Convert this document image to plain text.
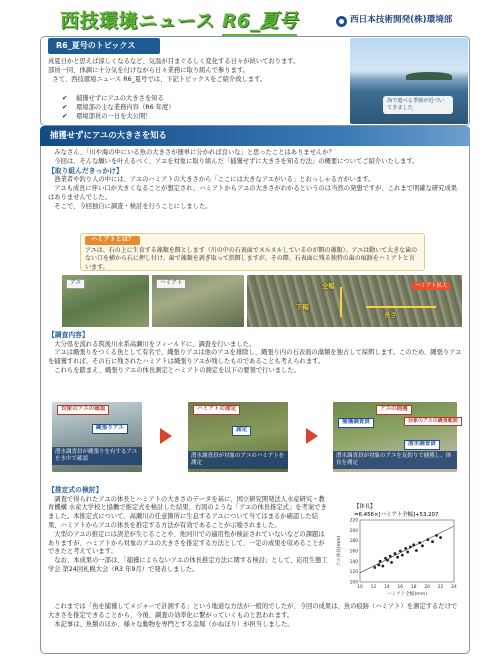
西技環境ニュース R6_夏号	西日本技術開発(株)環境部
R6_夏号のトピックス

真夏日かと思えば涼しくなるなど、気温が目まぐるしく変化する日々が続いております。

部員一同、体調に十分気を付けながら日々業務に取り組んで参ります。

さて、西技環境ニュース R6_夏号では、下記トピックスをご紹介致します。

✔ 捕獲せずにアユの大きさを知る
✔ 環境部の主な業務内容（R6 年度）
✔ 環境部員の一日を大公開！
海で遊べる季節が近づいてきました
捕獲せずにアユの大きさを知る

みなさん、「川や海の中にいる魚の大きさが簡単に分かれば良いな」と思ったことはありませんか？

今回は、そんな願いを叶えるべく、アユを対象に取り組んだ「捕獲せずに大きさを知る方法」の概要についてご紹介いたします。

【取り組んだきっかけ】

漁業者や釣り人の中には、アユのハミアトの大きさから「ここには大きなアユがいる」とおっしゃる方がいます。

アユも成長に伴い口が大きくなることが想定され、ハミアトからアユの大きさがわかるというのは当然の発想ですが、これまで明確な研究成果はありませんでした。

そこで、今回独自に調査・検討を行うことにしました。

ハミアトとは？
アユは、石の上に生育する藻類を餌とします（川の中の石表面でヌルヌルしているのが餌の藻類）。アユは動いて大きな歯のない口を横から石に押し付け、歯で藻類を剥ぎ取って摂餌しますが、その際、石表面に残る独特の歯の痕跡をハミアトと言います。
アユ	ハミアト	全幅
下幅
長さ
ハミアト拡大
【調査内容】

大分県を流れる筑後川水系高瀬川をフィールドに、調査を行いました。

アユは縄張りをつくる魚として有名で、縄張りアユは他のアユを排除し、縄張り内の石表面の藻類を独占して採餌します。このため、縄張りアユを捕獲すれば、その石に残されたハミアトは縄張りアユが残したものであることも考えられます。

これらを踏まえ、縄張りアユの体長測定とハミアトの測定を以下の要領で行いました。

対象のアユの確認
縄張りアユ
潜水調査員が縄張りを有するアユを水中で確認
ハミアトの測定
測定
潜水調査員が対象のアユのハミアトを測定
アユの捕獲
捕獲調査員	対象のアユの縄張範囲
潜水調査員
潜水調査員が対象のアユを友釣りで捕獲し、体長を測定
【推定式の検討】

調査で得られたアユの体長とハミアトの大きさのデータを基に、国立研究開発法人水産研究・教育機構 水産大学校と協働で推定式を検討した結果、右図のような「アユの体長推定式」を考案できました。本推定式について、高瀬川の任意箇所に生息するアユについて当てはまるか確認した結果、ハミアトからアユの体長を推定する方法が有効であることが示唆されました。

大型のアユの推定には誤差が生じることや、他河川での適用性が検証されていないなどの課題はありますが、ハミアトから対象のアユの大きさを推定する方法として、一定の成果を収めることができたと考えています。

なお、本成果の一部は、「捕獲によらないアユの体長推定方法に関する検討」として、応用生態工学会 第24回札幌大会（R3 年9月）で発表しました。

【体長】
=6.456×[ハミアト全幅]+53.207
100
120
140
160
180
200
220
10 12 14 16 18 20 22 24
ハミアト全幅(mm)
アユ体長(mm)

これまでは「魚を捕獲してメジャーで計測する」という地道な方法が一般的でしたが、今回の成果は、魚の痕跡（ハミアト）を測定するだけで大きさを推定できることから、今後、調査の効率化に繋がっていくものと思われます。

本記事は、魚類のほか、様々な動物を専門とする金堀（かねほり）が担当しました。
